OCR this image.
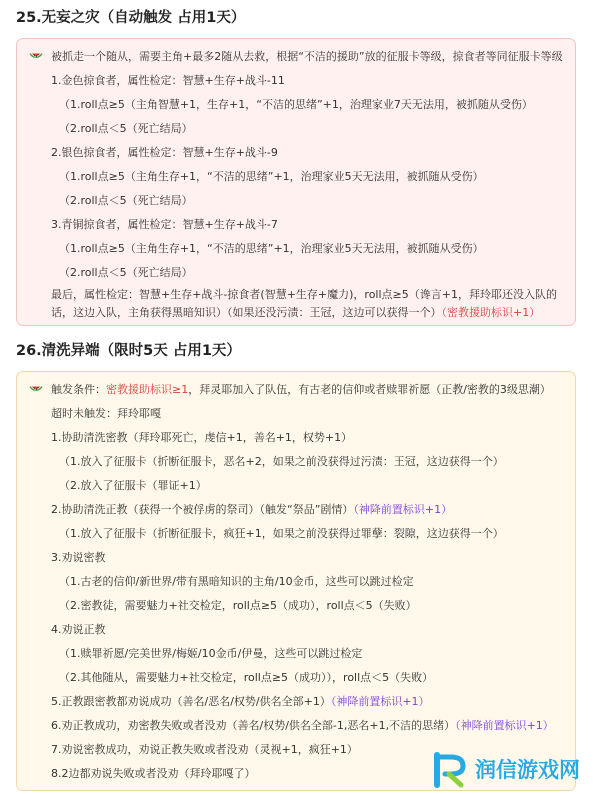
25.无妄之灾（自动触发 占用1天）
被抓走一个随从，需要主角+最多2随从去救，根据“不洁的援助”放的征服卡等级，掠食者等同征服卡等级
1.金色掠食者，属性检定：智慧+生存+战斗-11
（1.roll点≥5（主角智慧+1，生存+1，“不洁的思绪”+1，治理家业7天无法用，被抓随从受伤）
（2.roll点＜5（死亡结局）
2.银色掠食者，属性检定：智慧+生存+战斗-9
（1.roll点≥5（主角生存+1，“不洁的思绪”+1，治理家业5天无法用，被抓随从受伤）
（2.roll点＜5（死亡结局）
3.青铜掠食者，属性检定：智慧+生存+战斗-7
（1.roll点≥5（主角生存+1，“不洁的思绪”+1，治理家业5天无法用，被抓随从受伤）
（2.roll点＜5（死亡结局）
最后，属性检定：智慧+生存+战斗-掠食者(智慧+生存+魔力)，roll点≥5（谗言+1，拜玲耶还没入队的
话，这边入队，主角获得黑暗知识）（如果还没污渍：王冠，这边可以获得一个）（密教援助标识+1）
26.清洗异端（限时5天 占用1天）
触发条件：密教援助标识≥1，拜灵耶加入了队伍，有古老的信仰或者赎罪祈愿（正教/密教的3级思潮）
超时未触发：拜玲耶嘎
1.协助清洗密教（拜玲耶死亡，虔信+1，善名+1，权势+1）
（1.放入了征服卡（折断征服卡，恶名+2，如果之前没获得过污渍：王冠，这边获得一个）
（2.放入了征服卡（罪证+1）
2.协助清洗正教（获得一个被俘虏的祭司）（触发“祭品”剧情）（神降前置标识+1）
（1.放入了征服卡（折断征服卡，疯狂+1，如果之前没获得过罪孽：裂隙，这边获得一个）
3.劝说密教
（1.古老的信仰/新世界/带有黑暗知识的主角/10金币，这些可以跳过检定
（2.密教徒，需要魅力+社交检定，roll点≥5（成功），roll点＜5（失败）
4.劝说正教
（1.赎罪祈愿/完美世界/梅姬/10金币/伊曼，这些可以跳过检定
（2.其他随从，需要魅力+社交检定，roll点≥5（成功）），roll点＜5（失败）
5.正教跟密教都劝说成功（善名/恶名/权势/供名全部+1）（神降前置标识+1）
6.劝正教成功，劝密教失败或者没劝（善名/权势/供名全部-1,恶名+1,不洁的思绪）（神降前置标识+1）
7.劝说密教成功，劝说正教失败或者没劝（灵视+1，疯狂+1）
8.2边都劝说失败或者没劝（拜玲耶嘎了）	润信游戏网
